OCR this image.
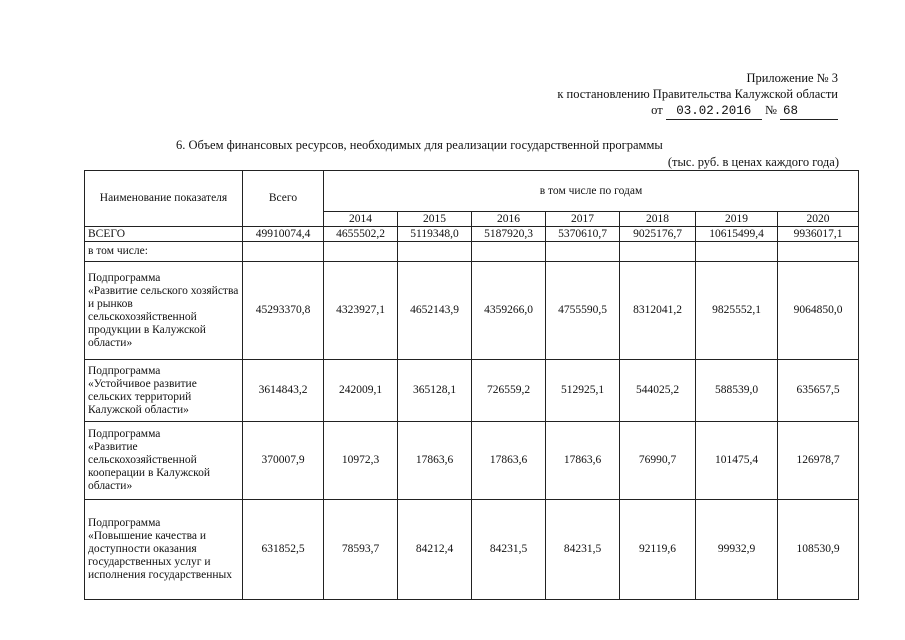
Приложение № 3
к постановлению Правительства Калужской области
от 03.02.2016 № 68
6. Объем финансовых ресурсов, необходимых для реализации государственной программы
(тыс. руб. в ценах каждого года)
Наименование показателя	Всего	в том числе по годам						
		2014	2015	2016	2017	2018	2019	2020
ВСЕГО	49910074,4	4655502,2	5119348,0	5187920,3	5370610,7	9025176,7	10615499,4	9936017,1
в том числе:								
Подпрограмма
«Развитие сельского хозяйства и рынков сельскохозяйственной продукции в Калужской области»	45293370,8	4323927,1	4652143,9	4359266,0	4755590,5	8312041,2	9825552,1	9064850,0
Подпрограмма
«Устойчивое развитие сельских территорий Калужской области»	3614843,2	242009,1	365128,1	726559,2	512925,1	544025,2	588539,0	635657,5
Подпрограмма
«Развитие сельскохозяйственной кооперации в Калужской области»	370007,9	10972,3	17863,6	17863,6	17863,6	76990,7	101475,4	126978,7
Подпрограмма
«Повышение качества и доступности оказания государственных услуг и исполнения государственных	631852,5	78593,7	84212,4	84231,5	84231,5	92119,6	99932,9	108530,9
